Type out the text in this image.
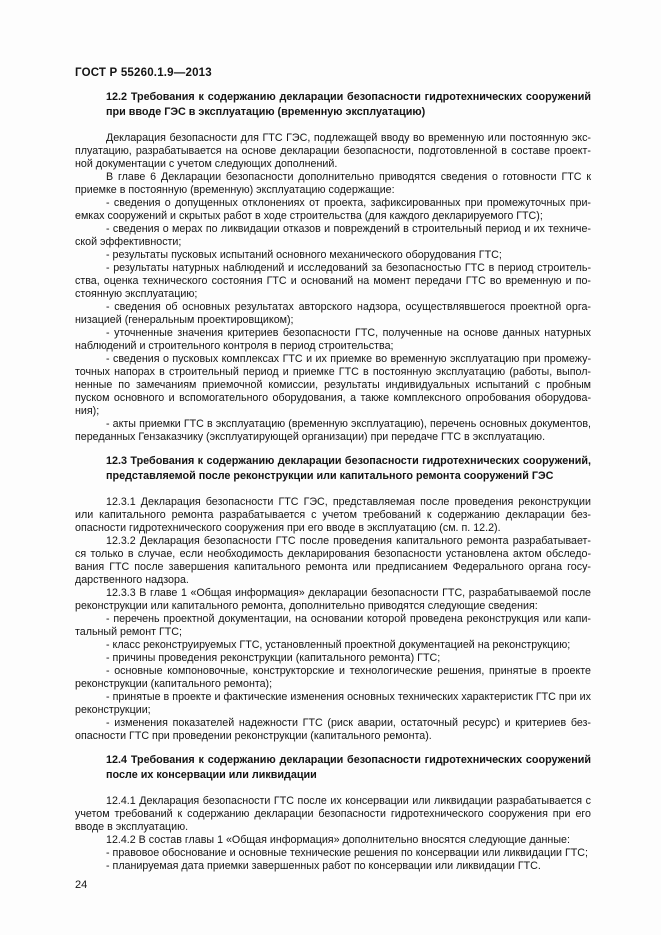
ГОСТ Р 55260.1.9—2013
12.2 Требования к содержанию декларации безопасности гидротехнических сооружений
при вводе ГЭС в эксплуатацию (временную эксплуатацию)
Декларация безопасности для ГТС ГЭС, подлежащей вводу во временную или постоянную экс-
плуатацию, разрабатывается на основе декларации безопасности, подготовленной в составе проект-
ной документации с учетом следующих дополнений.
В главе 6 Декларации безопасности дополнительно приводятся сведения о готовности ГТС к
приемке в постоянную (временную) эксплуатацию содержащие:
- сведения о допущенных отклонениях от проекта, зафиксированных при промежуточных при-
емках сооружений и скрытых работ в ходе строительства (для каждого декларируемого ГТС);
- сведения о мерах по ликвидации отказов и повреждений в строительный период и их техниче-
ской эффективности;
- результаты пусковых испытаний основного механического оборудования ГТС;
- результаты натурных наблюдений и исследований за безопасностью ГТС в период строитель-
ства, оценка технического состояния ГТС и оснований на момент передачи ГТС во временную и по-
стоянную эксплуатацию;
- сведения об основных результатах авторского надзора, осуществлявшегося проектной орга-
низацией (генеральным проектировщиком);
- уточненные значения критериев безопасности ГТС, полученные на основе данных натурных
наблюдений и строительного контроля в период строительства;
- сведения о пусковых комплексах ГТС и их приемке во временную эксплуатацию при промежу-
точных напорах в строительный период и приемке ГТС в постоянную эксплуатацию (работы, выпол-
ненные по замечаниям приемочной комиссии, результаты индивидуальных испытаний с пробным
пуском основного и вспомогательного оборудования, а также комплексного опробования оборудова-
ния);
- акты приемки ГТС в эксплуатацию (временную эксплуатацию), перечень основных документов,
переданных Гензаказчику (эксплуатирующей организации) при передаче ГТС в эксплуатацию.
12.3 Требования к содержанию декларации безопасности гидротехнических сооружений,
представляемой после реконструкции или капитального ремонта сооружений ГЭС
12.3.1 Декларация безопасности ГТС ГЭС, представляемая после проведения реконструкции
или капитального ремонта разрабатывается с учетом требований к содержанию декларации без-
опасности гидротехнического сооружения при его вводе в эксплуатацию (см. п. 12.2).
12.3.2 Декларация безопасности ГТС после проведения капитального ремонта разрабатывает-
ся только в случае, если необходимость декларирования безопасности установлена актом обследо-
вания ГТС после завершения капитального ремонта или предписанием Федерального органа госу-
дарственного надзора.
12.3.3 В главе 1 «Общая информация» декларации безопасности ГТС, разрабатываемой после
реконструкции или капитального ремонта, дополнительно приводятся следующие сведения:
- перечень проектной документации, на основании которой проведена реконструкция или капи-
тальный ремонт ГТС;
- класс реконструируемых ГТС, установленный проектной документацией на реконструкцию;
- причины проведения реконструкции (капитального ремонта) ГТС;
- основные компоновочные, конструкторские и технологические решения, принятые в проекте
реконструкции (капитального ремонта);
- принятые в проекте и фактические изменения основных технических характеристик ГТС при их
реконструкции;
- изменения показателей надежности ГТС (риск аварии, остаточный ресурс) и критериев без-
опасности ГТС при проведении реконструкции (капитального ремонта).
12.4 Требования к содержанию декларации безопасности гидротехнических сооружений
после их консервации или ликвидации
12.4.1 Декларация безопасности ГТС после их консервации или ликвидации разрабатывается с
учетом требований к содержанию декларации безопасности гидротехнического сооружения при его
вводе в эксплуатацию.
12.4.2 В состав главы 1 «Общая информация» дополнительно вносятся следующие данные:
- правовое обоснование и основные технические решения по консервации или ликвидации ГТС;
- планируемая дата приемки завершенных работ по консервации или ликвидации ГТС.
24
